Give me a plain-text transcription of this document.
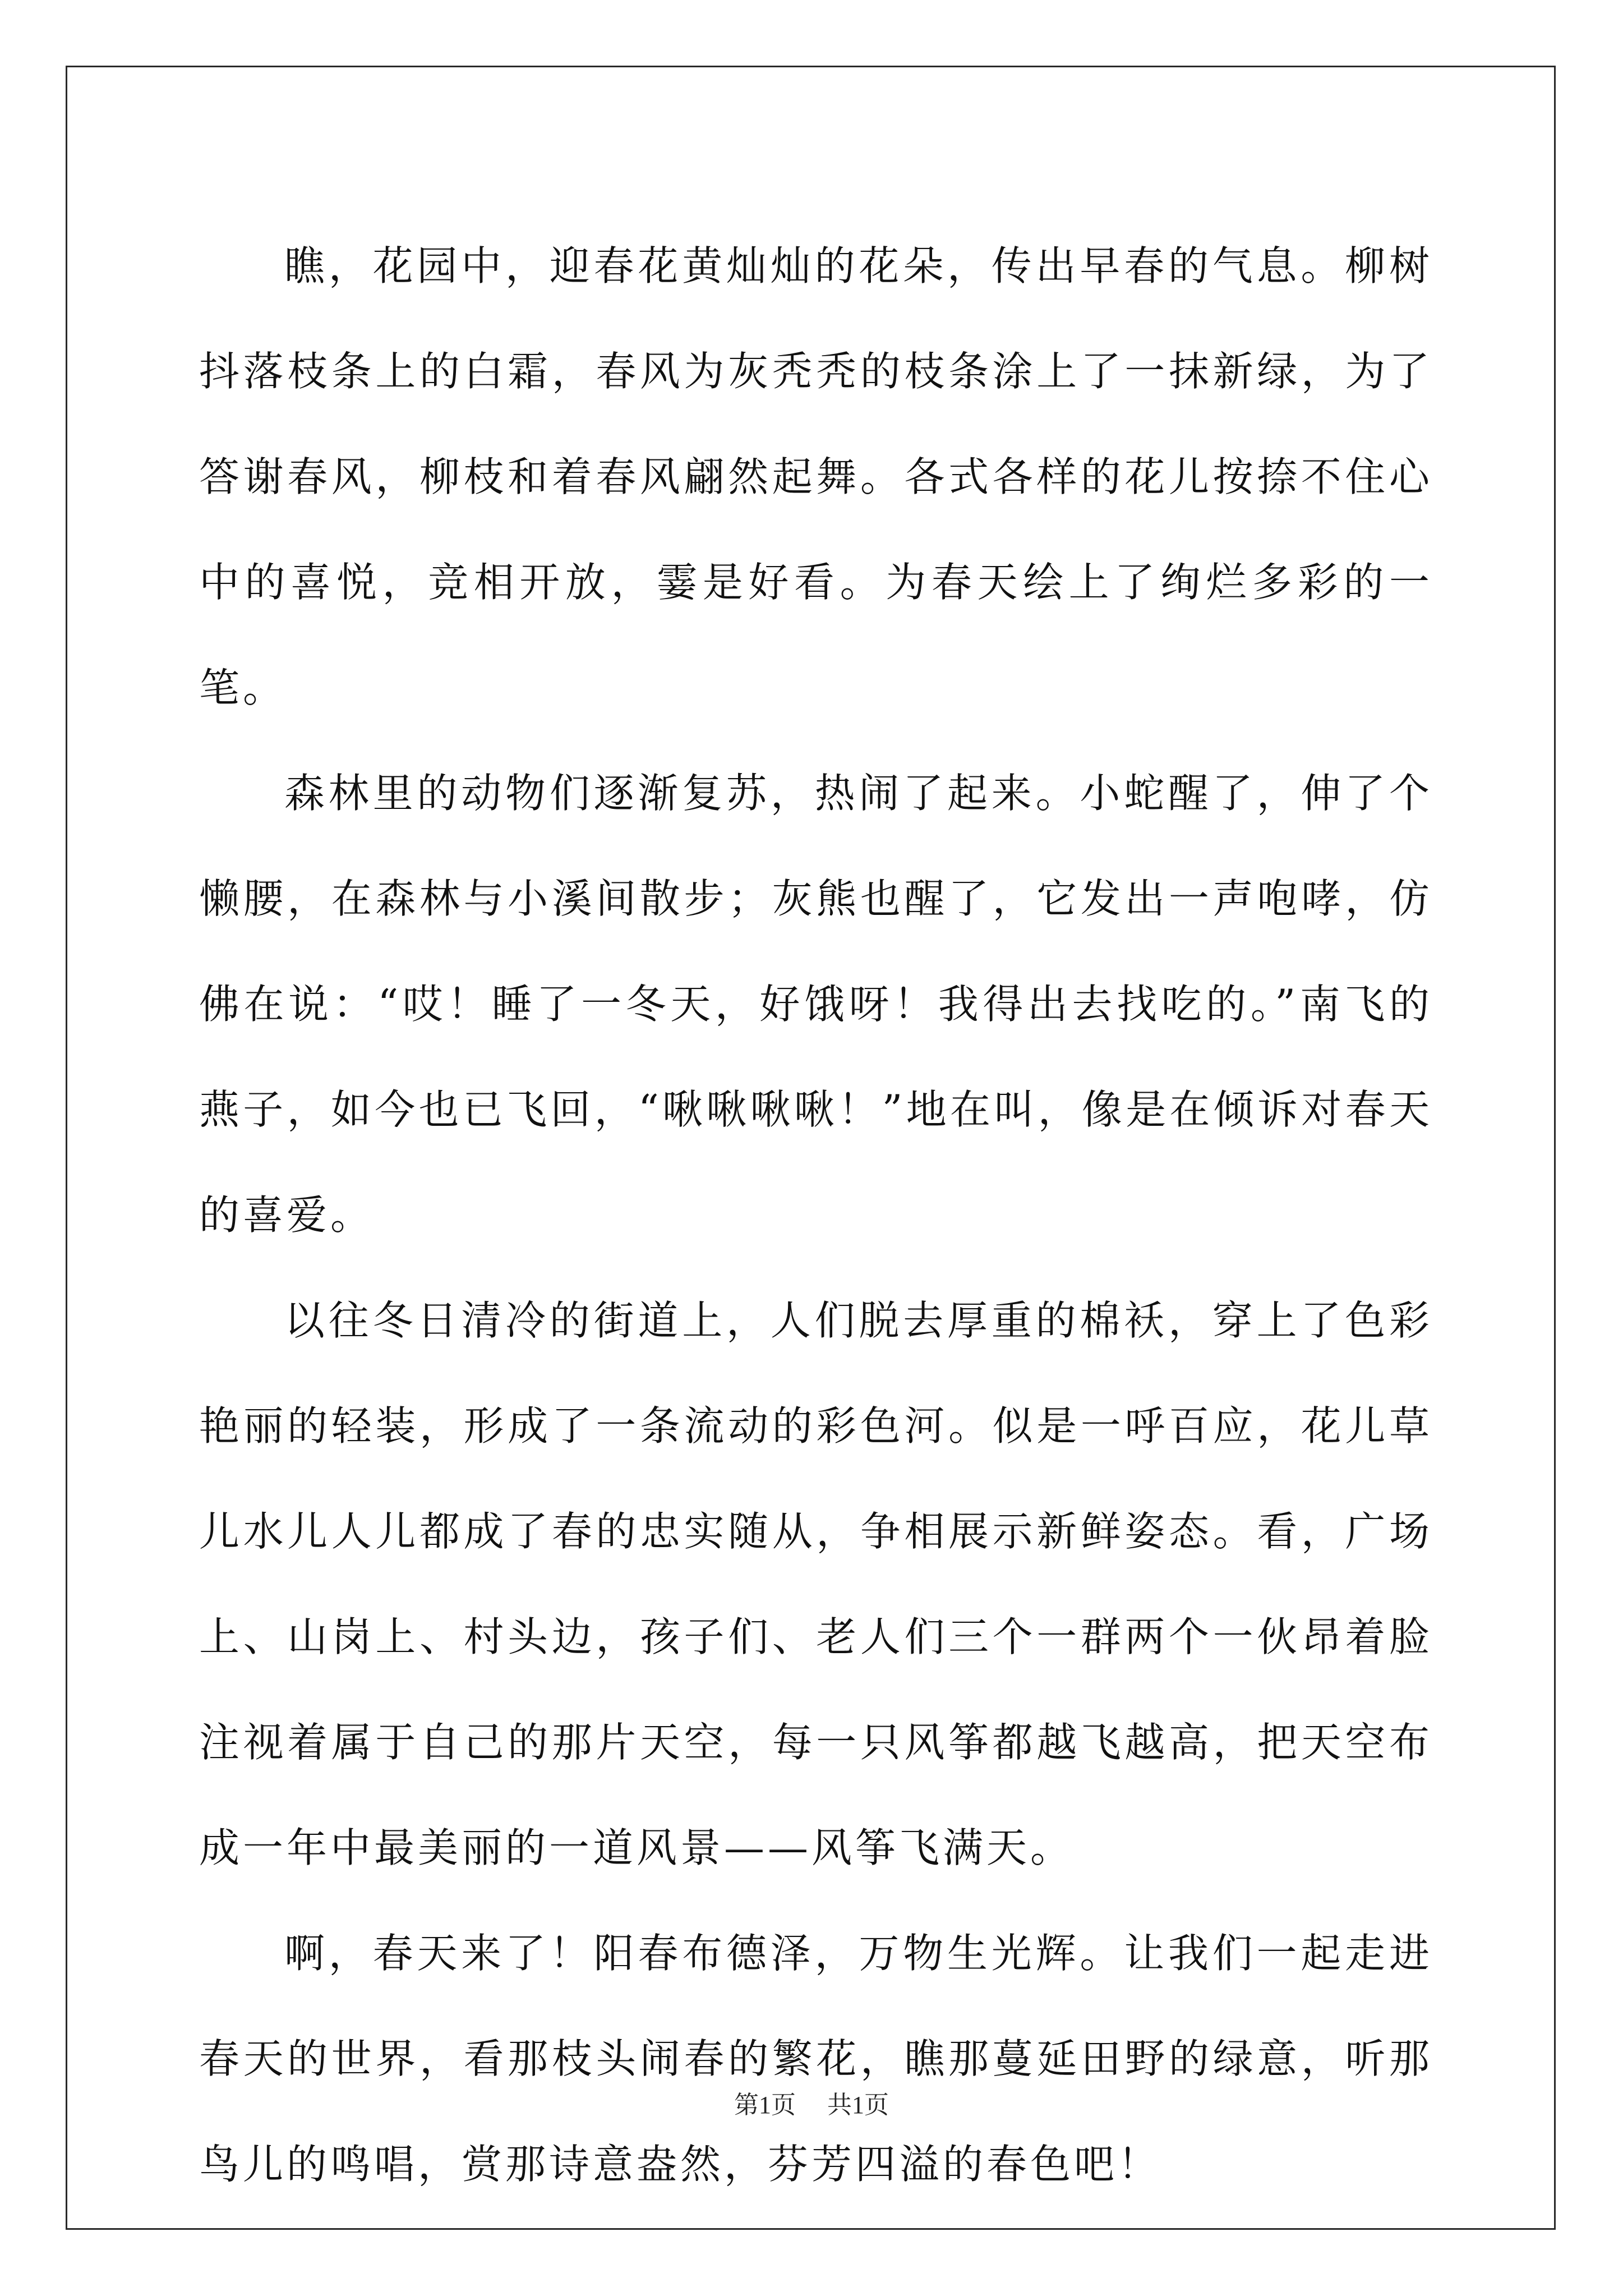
瞧，花园中，迎春花黄灿灿的花朵，传出早春的气息。柳树抖落枝条上的白霜，春风为灰秃秃的枝条涂上了一抹新绿，为了答谢春风，柳枝和着春风翩然起舞。各式各样的花儿按捺不住心中的喜悦，竞相开放，霎是好看。为春天绘上了绚烂多彩的一笔。

森林里的动物们逐渐复苏，热闹了起来。小蛇醒了，伸了个懒腰，在森林与小溪间散步；灰熊也醒了，它发出一声咆哮，仿佛在说：“哎！睡了一冬天，好饿呀！我得出去找吃的。”南飞的燕子，如今也已飞回，“啾啾啾啾！”地在叫，像是在倾诉对春天的喜爱。

以往冬日清冷的街道上，人们脱去厚重的棉袄，穿上了色彩艳丽的轻装，形成了一条流动的彩色河。似是一呼百应，花儿草儿水儿人儿都成了春的忠实随从，争相展示新鲜姿态。看，广场上、山岗上、村头边，孩子们、老人们三个一群两个一伙昂着脸注视着属于自己的那片天空，每一只风筝都越飞越高，把天空布成一年中最美丽的一道风景——风筝飞满天。

啊，春天来了！阳春布德泽，万物生光辉。让我们一起走进春天的世界，看那枝头闹春的繁花，瞧那蔓延田野的绿意，听那鸟儿的鸣唱，赏那诗意盎然，芬芳四溢的春色吧！

第1页 共1页
